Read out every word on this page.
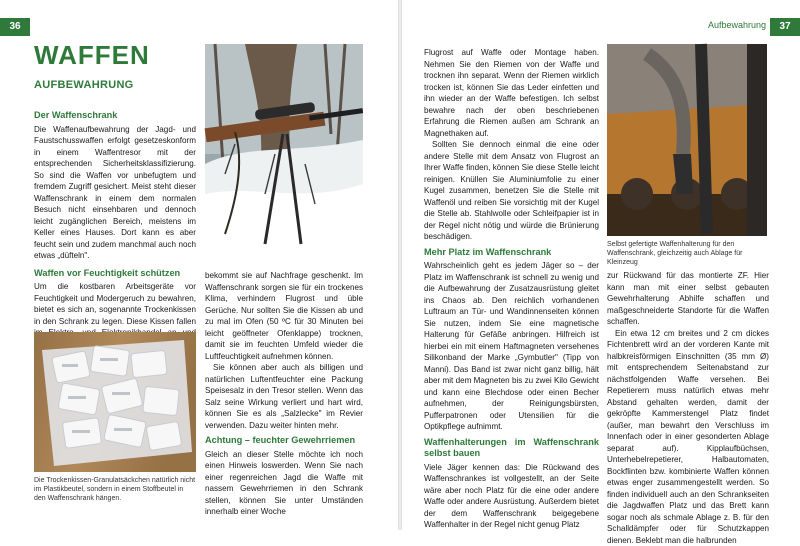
36
WAFFEN
AUFBEWAHRUNG
Der Waffenschrank

Die Waffenaufbewahrung der Jagd- und Faustschusswaffen erfolgt gesetzeskonform in einem Waffentresor mit der entsprechenden Sicherheitsklassifizierung. So sind die Waffen vor unbefugtem und fremdem Zugriff gesichert. Meist steht dieser Waffenschrank in einem dem normalen Besuch nicht einsehbaren und dennoch leicht zugänglichen Bereich, meistens im Keller eines Hauses. Dort kann es aber feucht sein und zudem manchmal auch noch etwas „düfteln".

Waffen vor Feuchtigkeit schützen

Um die kostbaren Arbeitsgeräte vor Feuchtigkeit und Modergeruch zu bewahren, bietet es sich an, sogenannte Trockenkissen in den Schrank zu legen. Diese Kissen fallen

Die Trockenkissen-Granulatsäckchen natürlich nicht im Plastikbeutel, sondern in einem Stoffbeutel in den Waffenschrank hängen.

bekommt sie auf Nachfrage geschenkt. Im Waffenschrank sorgen sie für ein trockenes Klima, verhindern Flugrost und üble Gerüche. Nur sollten Sie die Kissen ab und zu mal im Ofen (50 ºC für 30 Minuten bei leicht geöffneter Ofenklappe) trocknen, damit sie im feuchten Umfeld wieder die Luftfeuchtigkeit aufnehmen können.

Sie können aber auch als billigen und natürlichen Luftentfeuchter eine Packung Speisesalz in den Tresor stellen. Wenn das Salz seine Wirkung verliert und hart wird, können Sie es als „Salzlecke" im Revier verwenden. Dazu weiter hinten mehr.

Achtung – feuchter Gewehrriemen

Gleich an dieser Stelle möchte ich noch einen Hinweis loswerden. Wenn Sie nach einer regenreichen Jagd die Waffe mit nassem Gewehrriemen in den Schrank stellen, können Sie unter Umständen innerhalb einer Woche

Aufbewahrung	37

Flugrost auf Waffe oder Montage haben. Nehmen Sie den Riemen von der Waffe und trocknen ihn separat. Wenn der Riemen wirklich trocken ist, können Sie das Leder einfetten und ihn wieder an der Waffe befestigen. Ich selbst bewahre nach der oben beschriebenen Erfahrung die Riemen außen am Schrank an Magnethaken auf.

Sollten Sie dennoch einmal die eine oder andere Stelle mit dem Ansatz von Flugrost an Ihrer Waffe finden, können Sie diese Stelle leicht reinigen. Knüllen Sie Aluminiumfolie zu einer Kugel zusammen, benetzen Sie die Stelle mit Waffenöl und reiben Sie vorsichtig mit der Kugel die Stelle ab. Stahlwolle oder Schleifpapier ist in der Regel nicht nötig und würde die Brünierung beschädigen.

Mehr Platz im Waffenschrank

Wahrscheinlich geht es jedem Jäger so – der Platz im Waffenschrank ist schnell zu wenig und die Aufbewahrung der Zusatzausrüstung gleitet ins Chaos ab. Den reichlich vorhandenen Luftraum an Tür- und Wandinnenseiten können Sie nutzen, indem Sie eine magnetische Halterung für Gefäße anbringen. Hilfreich ist hierbei ein mit einem Haftmagneten versehenes Silikonband der Marke „Gymbutler" (Tipp von Manni). Das Band ist zwar nicht ganz billig, hält aber mit dem Magneten bis zu zwei Kilo Gewicht und kann eine Blechdose oder einen Becher aufnehmen, der Reinigungsbürsten, Pufferpatronen oder Utensilien für die Optikpflege aufnimmt.

Waffenhalterungen im Waffenschrank selbst bauen

Viele Jäger kennen das: Die Rückwand des Waffenschrankes ist vollgestellt, an der Seite wäre aber noch Platz für die eine oder andere Waffe oder andere Ausrüstung. Außerdem bietet der dem Waffenschrank beigegebene Waffenhalter in der Regel nicht genug Platz

Selbst gefertigte Waffenhalterung für den Waffenschrank, gleichzeitig auch Ablage für Kleinzeug

zur Rückwand für das montierte ZF. Hier kann man mit einer selbst gebauten Gewehrhalterung Abhilfe schaffen und maßgeschneiderte Standorte für die Waffen schaffen.

Ein etwa 12 cm breites und 2 cm dickes Fichtenbrett wird an der vorderen Kante mit halbkreisförmigen Einschnitten (35 mm Ø) mit entsprechendem Seitenabstand zur nächstfolgenden Waffe versehen. Bei Repetierern muss natürlich etwas mehr Abstand gehalten werden, damit der gekröpfte Kammerstengel Platz findet (außer, man bewahrt den Verschluss im Innenfach oder in einer gesonderten Ablage separat auf). Kipplaufbüchsen, Unterhebelrepetierer, Halbautomaten, Bockflinten bzw. kombinierte Waffen können etwas enger zusammengestellt werden. So finden individuell auch an den Schrankseiten die Jagdwaffen Platz und das Brett kann sogar noch als schmale Ablage z. B. für den Schalldämpfer oder für Schutzkappen dienen. Beklebt man die halbrunden
